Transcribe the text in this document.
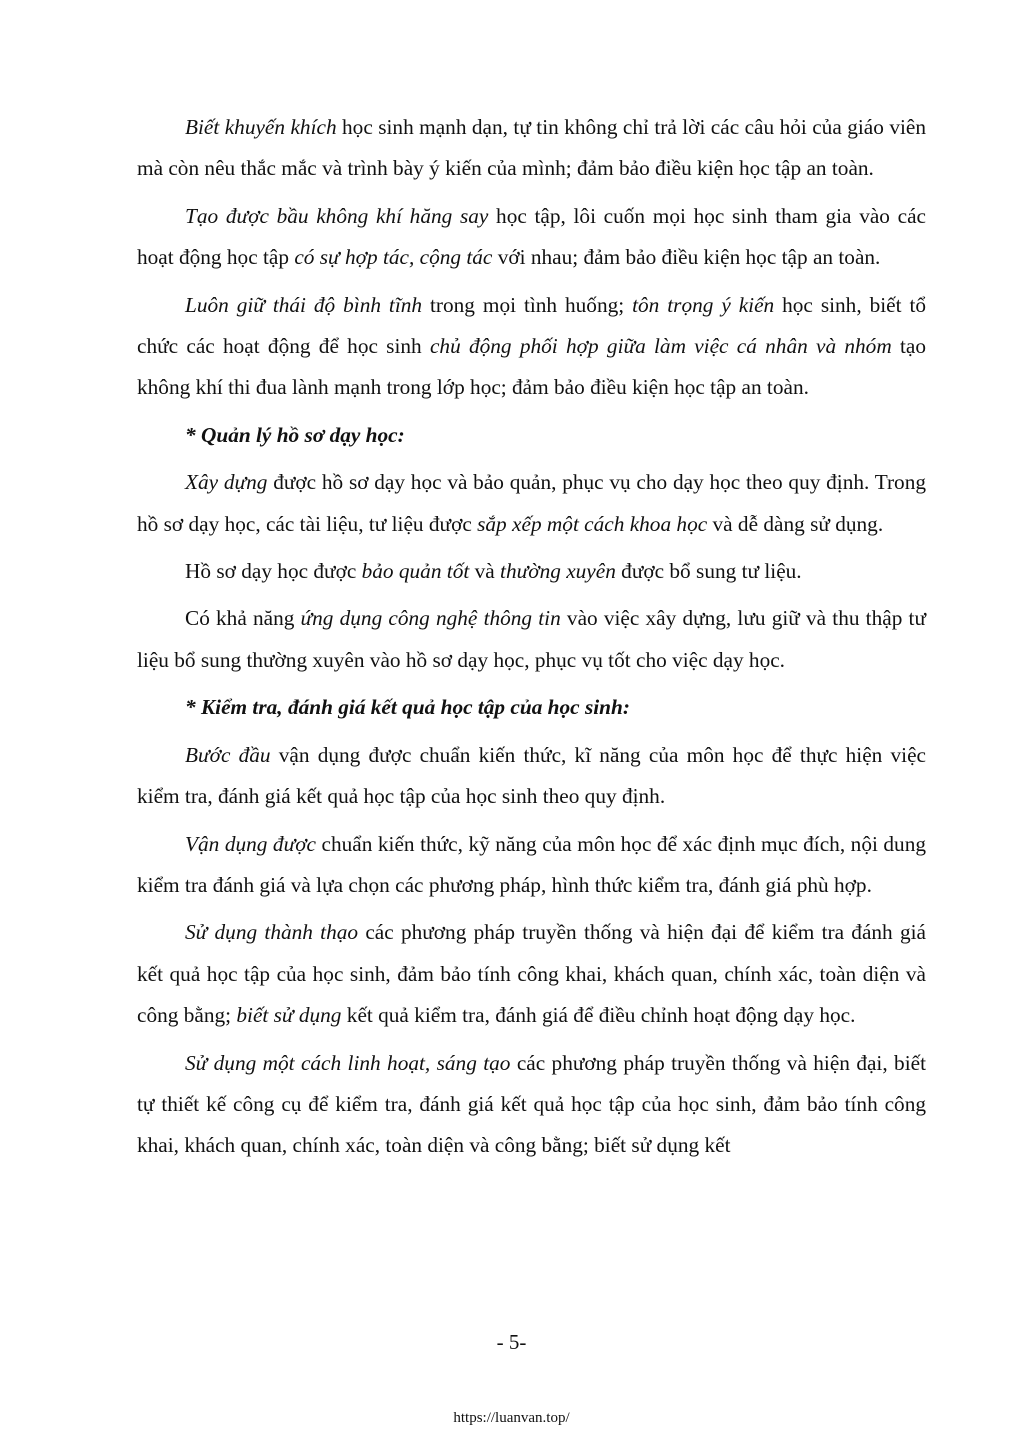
Biết khuyến khích học sinh mạnh dạn, tự tin không chỉ trả lời các câu hỏi của giáo viên mà còn nêu thắc mắc và trình bày ý kiến của mình; đảm bảo điều kiện học tập an toàn.

Tạo được bầu không khí hăng say học tập, lôi cuốn mọi học sinh tham gia vào các hoạt động học tập có sự hợp tác, cộng tác với nhau; đảm bảo điều kiện học tập an toàn.

Luôn giữ thái độ bình tĩnh trong mọi tình huống; tôn trọng ý kiến học sinh, biết tổ chức các hoạt động để học sinh chủ động phối hợp giữa làm việc cá nhân và nhóm tạo không khí thi đua lành mạnh trong lớp học; đảm bảo điều kiện học tập an toàn.

* Quản lý hồ sơ dạy học:

Xây dựng được hồ sơ dạy học và bảo quản, phục vụ cho dạy học theo quy định. Trong hồ sơ dạy học, các tài liệu, tư liệu được sắp xếp một cách khoa học và dễ dàng sử dụng.

Hồ sơ dạy học được bảo quản tốt và thường xuyên được bổ sung tư liệu.

Có khả năng ứng dụng công nghệ thông tin vào việc xây dựng, lưu giữ và thu thập tư liệu bổ sung thường xuyên vào hồ sơ dạy học, phục vụ tốt cho việc dạy học.

* Kiểm tra, đánh giá kết quả học tập của học sinh:

Bước đầu vận dụng được chuẩn kiến thức, kĩ năng của môn học để thực hiện việc kiểm tra, đánh giá kết quả học tập của học sinh theo quy định.

Vận dụng được chuẩn kiến thức, kỹ năng của môn học để xác định mục đích, nội dung kiểm tra đánh giá và lựa chọn các phương pháp, hình thức kiểm tra, đánh giá phù hợp.

Sử dụng thành thạo các phương pháp truyền thống và hiện đại để kiểm tra đánh giá kết quả học tập của học sinh, đảm bảo tính công khai, khách quan, chính xác, toàn diện và công bằng; biết sử dụng kết quả kiểm tra, đánh giá để điều chỉnh hoạt động dạy học.

Sử dụng một cách linh hoạt, sáng tạo các phương pháp truyền thống và hiện đại, biết tự thiết kế công cụ để kiểm tra, đánh giá kết quả học tập của học sinh, đảm bảo tính công khai, khách quan, chính xác, toàn diện và công bằng; biết sử dụng kết

- 5-
https://luanvan.top/
